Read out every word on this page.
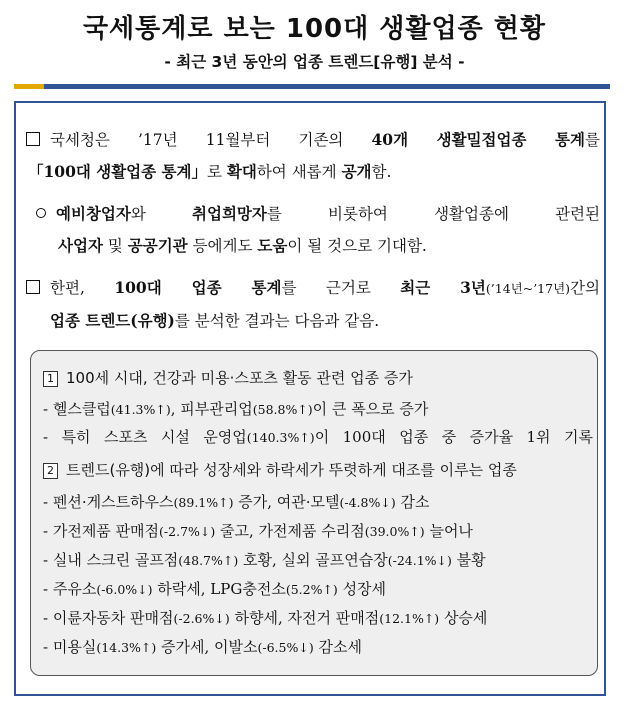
국세통계로 보는 100대 생활업종 현황
- 최근 3년 동안의 업종 트렌드[유행] 분석 -
국세청은 ’17년 11월부터 기존의 40개 생활밀접업종 통계를
「100대 생활업종 통계」로 확대하여 새롭게 공개함.
예비창업자와 취업희망자를 비롯하여 생활업종에 관련된
사업자 및 공공기관 등에게도 도움이 될 것으로 기대함.
한편, 100대 업종 통계를 근거로 최근 3년(’14년~’17년)간의
업종 트렌드(유행)를 분석한 결과는 다음과 같음.
1 100세 시대, 건강과 미용·스포츠 활동 관련 업종 증가
- 헬스클럽(41.3%↑), 피부관리업(58.8%↑)이 큰 폭으로 증가
- 특히 스포츠 시설 운영업(140.3%↑)이 100대 업종 중 증가율 1위 기록
2 트렌드(유행)에 따라 성장세와 하락세가 뚜렷하게 대조를 이루는 업종
- 펜션·게스트하우스(89.1%↑) 증가, 여관·모텔(-4.8%↓) 감소
- 가전제품 판매점(-2.7%↓) 줄고, 가전제품 수리점(39.0%↑) 늘어나
- 실내 스크린 골프점(48.7%↑) 호황, 실외 골프연습장(-24.1%↓) 불황
- 주유소(-6.0%↓) 하락세, LPG충전소(5.2%↑) 성장세
- 이륜자동차 판매점(-2.6%↓) 하향세, 자전거 판매점(12.1%↑) 상승세
- 미용실(14.3%↑) 증가세, 이발소(-6.5%↓) 감소세
